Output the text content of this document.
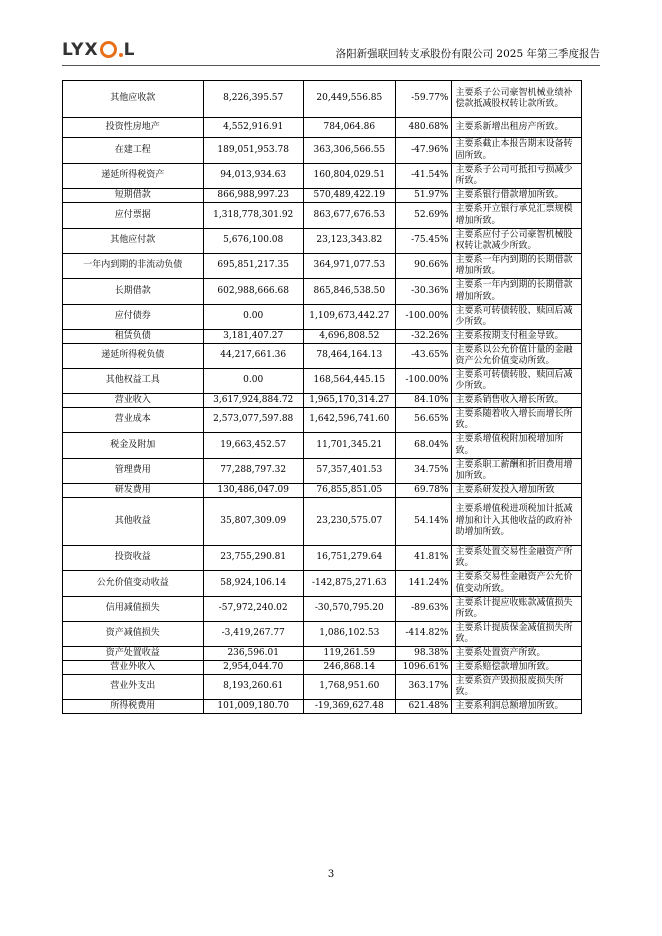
LYX L	洛阳新强联回转支承股份有限公司 2025 年第三季度报告
其他应收款	8,226,395.57	20,449,556.85	-59.77%	主要系子公司豪智机械业绩补偿款抵减股权转让款所致。
投资性房地产	4,552,916.91	784,064.86	480.68%	主要系新增出租房产所致。
在建工程	189,051,953.78	363,306,566.55	-47.96%	主要系截止本报告期末设备转固所致。
递延所得税资产	94,013,934.63	160,804,029.51	-41.54%	主要系子公司可抵扣亏损减少所致。
短期借款	866,988,997.23	570,489,422.19	51.97%	主要系银行借款增加所致。
应付票据	1,318,778,301.92	863,677,676.53	52.69%	主要系开立银行承兑汇票规模增加所致。
其他应付款	5,676,100.08	23,123,343.82	-75.45%	主要系应付子公司豪智机械股权转让款减少所致。
一年内到期的非流动负债	695,851,217.35	364,971,077.53	90.66%	主要系一年内到期的长期借款增加所致。
长期借款	602,988,666.68	865,846,538.50	-30.36%	主要系一年内到期的长期借款增加所致。
应付债券	0.00	1,109,673,442.27	-100.00%	主要系可转债转股、赎回后减少所致。
租赁负债	3,181,407.27	4,696,808.52	-32.26%	主要系按期支付租金导致。
递延所得税负债	44,217,661.36	78,464,164.13	-43.65%	主要系以公允价值计量的金融资产公允价值变动所致。
其他权益工具	0.00	168,564,445.15	-100.00%	主要系可转债转股、赎回后减少所致。
营业收入	3,617,924,884.72	1,965,170,314.27	84.10%	主要系销售收入增长所致。
营业成本	2,573,077,597.88	1,642,596,741.60	56.65%	主要系随着收入增长而增长所致。
税金及附加	19,663,452.57	11,701,345.21	68.04%	主要系增值税附加税增加所致。
管理费用	77,288,797.32	57,357,401.53	34.75%	主要系职工薪酬和折旧费用增加所致。
研发费用	130,486,047.09	76,855,851.05	69.78%	主要系研发投入增加所致
其他收益	35,807,309.09	23,230,575.07	54.14%	主要系增值税进项税加计抵减增加和计入其他收益的政府补助增加所致。
投资收益	23,755,290.81	16,751,279.64	41.81%	主要系处置交易性金融资产所致。
公允价值变动收益	58,924,106.14	-142,875,271.63	141.24%	主要系交易性金融资产公允价值变动所致。
信用减值损失	-57,972,240.02	-30,570,795.20	-89.63%	主要系计提应收账款减值损失所致。
资产减值损失	-3,419,267.77	1,086,102.53	-414.82%	主要系计提质保金减值损失所致。
资产处置收益	236,596.01	119,261.59	98.38%	主要系处置资产所致。
营业外收入	2,954,044.70	246,868.14	1096.61%	主要系赔偿款增加所致。
营业外支出	8,193,260.61	1,768,951.60	363.17%	主要系资产毁损报废损失所致。
所得税费用	101,009,180.70	-19,369,627.48	621.48%	主要系利润总额增加所致。
3
